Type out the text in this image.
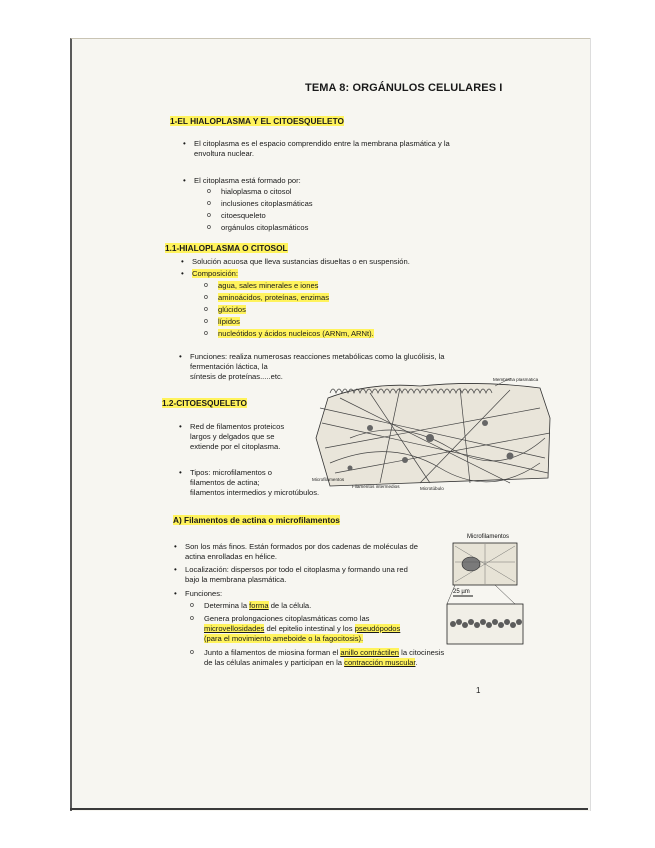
TEMA 8: ORGÁNULOS CELULARES I
1-EL HIALOPLASMA Y EL CITOESQUELETO
• El citoplasma es el espacio comprendido entre la membrana plasmática y la
envoltura nuclear.
• El citoplasma está formado por:
o hialoplasma o citosol
o inclusiones citoplasmáticas
o citoesqueleto
o orgánulos citoplasmáticos
1.1-HIALOPLASMA O CITOSOL
• Solución acuosa que lleva sustancias disueltas o en suspensión.
• Composición:
o agua, sales minerales e iones
o aminoácidos, proteínas, enzimas
o glúcidos
o lípidos
o nucleótidos y ácidos nucleicos (ARNm, ARNt).
• Funciones: realiza numerosas reacciones metabólicas como la glucólisis, la
fermentación láctica, la
síntesis de proteínas.....etc.
1.2-CITOESQUELETO
• Red de filamentos proteicos
largos y delgados que se
extiende por el citoplasma.
• Tipos: microfilamentos o
filamentos de actina;
filamentos intermedios y microtúbulos.
Membrana plasmática
Microfilamentos
Filamentos intermedios	Microtúbulo
A) Filamentos de actina o microfilamentos
• Son los más finos. Están formados por dos cadenas de moléculas de
actina enrolladas en hélice.
• Localización: dispersos por todo el citoplasma y formando una red
bajo la membrana plasmática.
• Funciones:
o Determina la forma de la célula.
o Genera prolongaciones citoplasmáticas como las
microvellosidades del epitelio intestinal y los pseudópodos
(para el movimiento ameboide o la fagocitosis).
o Junto a filamentos de miosina forman el anillo contráctilen la citocinesis
de las células animales y participan en la contracción muscular.
Microfilamentos
25 µm
1
